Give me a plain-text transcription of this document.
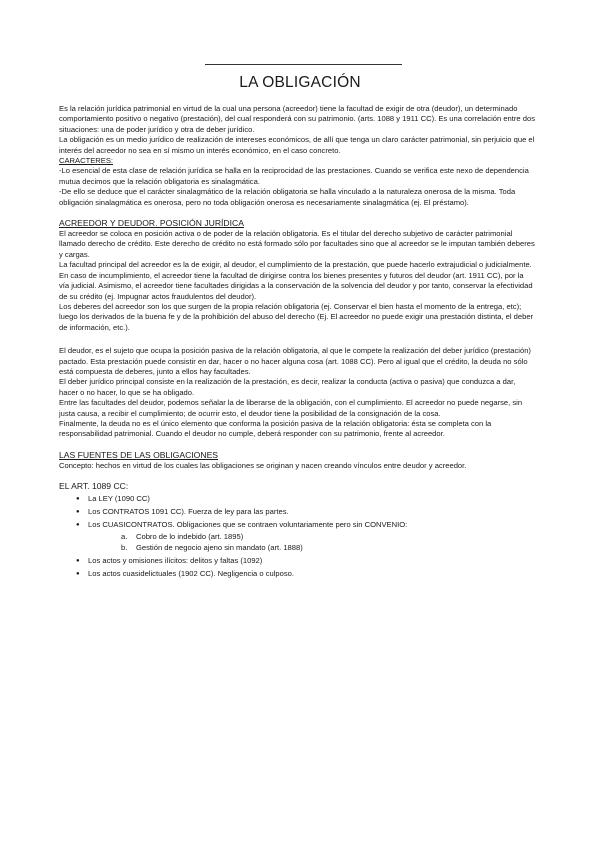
LA OBLIGACIÓN

Es la relación jurídica patrimonial en virtud de la cual una persona (acreedor) tiene la facultad de exigir de otra (deudor), un determinado comportamiento positivo o negativo (prestación), del cual responderá con su patrimonio. (arts. 1088 y 1911 CC). Es una correlación entre dos situaciones: una de poder jurídico y otra de deber jurídico.

La obligación es un medio jurídico de realización de intereses económicos, de allí que tenga un claro carácter patrimonial, sin perjuicio que el interés del acreedor no sea en sí mismo un interés económico, en el caso concreto.

CARACTERES:

-Lo esencial de esta clase de relación jurídica se halla en la reciprocidad de las prestaciones. Cuando se verifica este nexo de dependencia mutua decimos que la relación obligatoria es sinalagmática.

-De ello se deduce que el carácter sinalagmático de la relación obligatoria se halla vinculado a la naturaleza onerosa de la misma. Toda obligación sinalagmática es onerosa, pero no toda obligación onerosa es necesariamente sinalagmática (ej. El préstamo).

ACREEDOR Y DEUDOR. POSICIÓN JURÍDICA

El acreedor se coloca en posición activa o de poder de la relación obligatoria. Es el titular del derecho subjetivo de carácter patrimonial llamado derecho de crédito. Este derecho de crédito no está formado sólo por facultades sino que al acreedor se le imputan también deberes y cargas.

La facultad principal del acreedor es la de exigir, al deudor, el cumplimiento de la prestación, que puede hacerlo extrajudicial o judicialmente. En caso de incumplimiento, el acreedor tiene la facultad de dirigirse contra los bienes presentes y futuros del deudor (art. 1911 CC), por la vía judicial. Asimismo, el acreedor tiene facultades dirigidas a la conservación de la solvencia del deudor y por tanto, conservar la efectividad de su crédito (ej. Impugnar actos fraudulentos del deudor).

Los deberes del acreedor son los que surgen de la propia relación obligatoria (ej. Conservar el bien hasta el momento de la entrega, etc); luego los derivados de la buena fe y de la prohibición del abuso del derecho (Ej. El acreedor no puede exigir una prestación distinta, el deber de información, etc.).

El deudor, es el sujeto que ocupa la posición pasiva de la relación obligatoria, al que le compete la realización del deber jurídico (prestación) pactado. Esta prestación puede consistir en dar, hacer o no hacer alguna cosa (art. 1088 CC). Pero al igual que el crédito, la deuda no sólo está compuesta de deberes, junto a ellos hay facultades.

El deber jurídico principal consiste en la realización de la prestación, es decir, realizar la conducta (activa o pasiva) que conduzca a dar, hacer o no hacer, lo que se ha obligado.

Entre las facultades del deudor, podemos señalar la de liberarse de la obligación, con el cumplimiento. El acreedor no puede negarse, sin justa causa, a recibir el cumplimiento; de ocurrir esto, el deudor tiene la posibilidad de la consignación de la cosa.

Finalmente, la deuda no es el único elemento que conforma la posición pasiva de la relación obligatoria: ésta se completa con la responsabilidad patrimonial. Cuando el deudor no cumple, deberá responder con su patrimonio, frente al acreedor.

LAS FUENTES DE LAS OBLIGACIONES

Concepto: hechos en virtud de los cuales las obligaciones se originan y nacen creando vínculos entre deudor y acreedor.

EL ART. 1089 CC:

● La LEY (1090 CC)
● Los CONTRATOS 1091 CC). Fuerza de ley para las partes.
● Los CUASICONTRATOS. Obligaciones que se contraen voluntariamente pero sin CONVENIO:
a. Cobro de lo indebido (art. 1895)
b. Gestión de negocio ajeno sin mandato (art. 1888)
● Los actos y omisiones ilícitos: delitos y faltas (1092)
● Los actos cuasidelictuales (1902 CC). Negligencia o culposo.
